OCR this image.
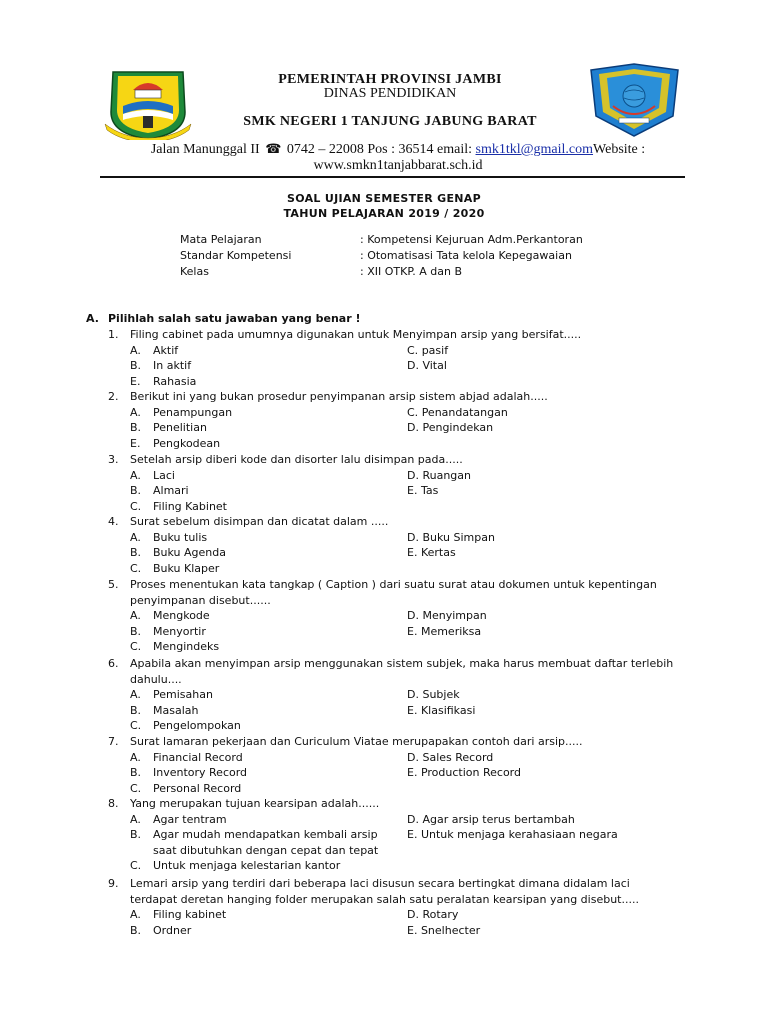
PEMERINTAH PROVINSI JAMBI
DINAS PENDIDIKAN
SMK NEGERI 1 TANJUNG JABUNG BARAT
Jalan Manunggal II ☎ 0742 – 22008 Pos : 36514 email: smk1tkl@gmail.comWebsite :
www.smkn1tanjabbarat.sch.id
SOAL UJIAN SEMESTER GENAP
TAHUN PELAJARAN 2019 / 2020
Mata Pelajaran	: Kompetensi Kejuruan Adm.Perkantoran
Standar Kompetensi	: Otomatisasi Tata kelola Kepegawaian
Kelas	: XII OTKP. A dan B
A. Pilihlah salah satu jawaban yang benar !
1. Filing cabinet pada umumnya digunakan untuk Menyimpan arsip yang bersifat.....
A. Aktif	C. pasif
B. In aktif	D. Vital
E. Rahasia
2. Berikut ini yang bukan prosedur penyimpanan arsip sistem abjad adalah.....
A. Penampungan	C. Penandatangan
B. Penelitian	D. Pengindekan
E. Pengkodean
3. Setelah arsip diberi kode dan disorter lalu disimpan pada.....
A. Laci	D. Ruangan
B. Almari	E. Tas
C. Filing Kabinet
4. Surat sebelum disimpan dan dicatat dalam .....
A. Buku tulis	D. Buku Simpan
B. Buku Agenda	E. Kertas
C. Buku Klaper
5. Proses menentukan kata tangkap ( Caption ) dari suatu surat atau dokumen untuk kepentingan penyimpanan disebut......
A. Mengkode	D. Menyimpan
B. Menyortir	E. Memeriksa
C. Mengindeks
6. Apabila akan menyimpan arsip menggunakan sistem subjek, maka harus membuat daftar terlebih dahulu....
A. Pemisahan	D. Subjek
B. Masalah	E. Klasifikasi
C. Pengelompokan
7. Surat lamaran pekerjaan dan Curiculum Viatae merupapakan contoh dari arsip.....
A. Financial Record	D. Sales Record
B. Inventory Record	E. Production Record
C. Personal Record
8. Yang merupakan tujuan kearsipan adalah......
A. Agar tentram	D. Agar arsip terus bertambah
B. Agar mudah mendapatkan kembali arsip saat dibutuhkan dengan cepat dan tepat
E. Untuk menjaga kerahasiaan negara
C. Untuk menjaga kelestarian kantor
9. Lemari arsip yang terdiri dari beberapa laci disusun secara bertingkat dimana didalam laci terdapat deretan hanging folder merupakan salah satu peralatan kearsipan yang disebut.....
A. Filing kabinet	D. Rotary
B. Ordner	E. Snelhecter
